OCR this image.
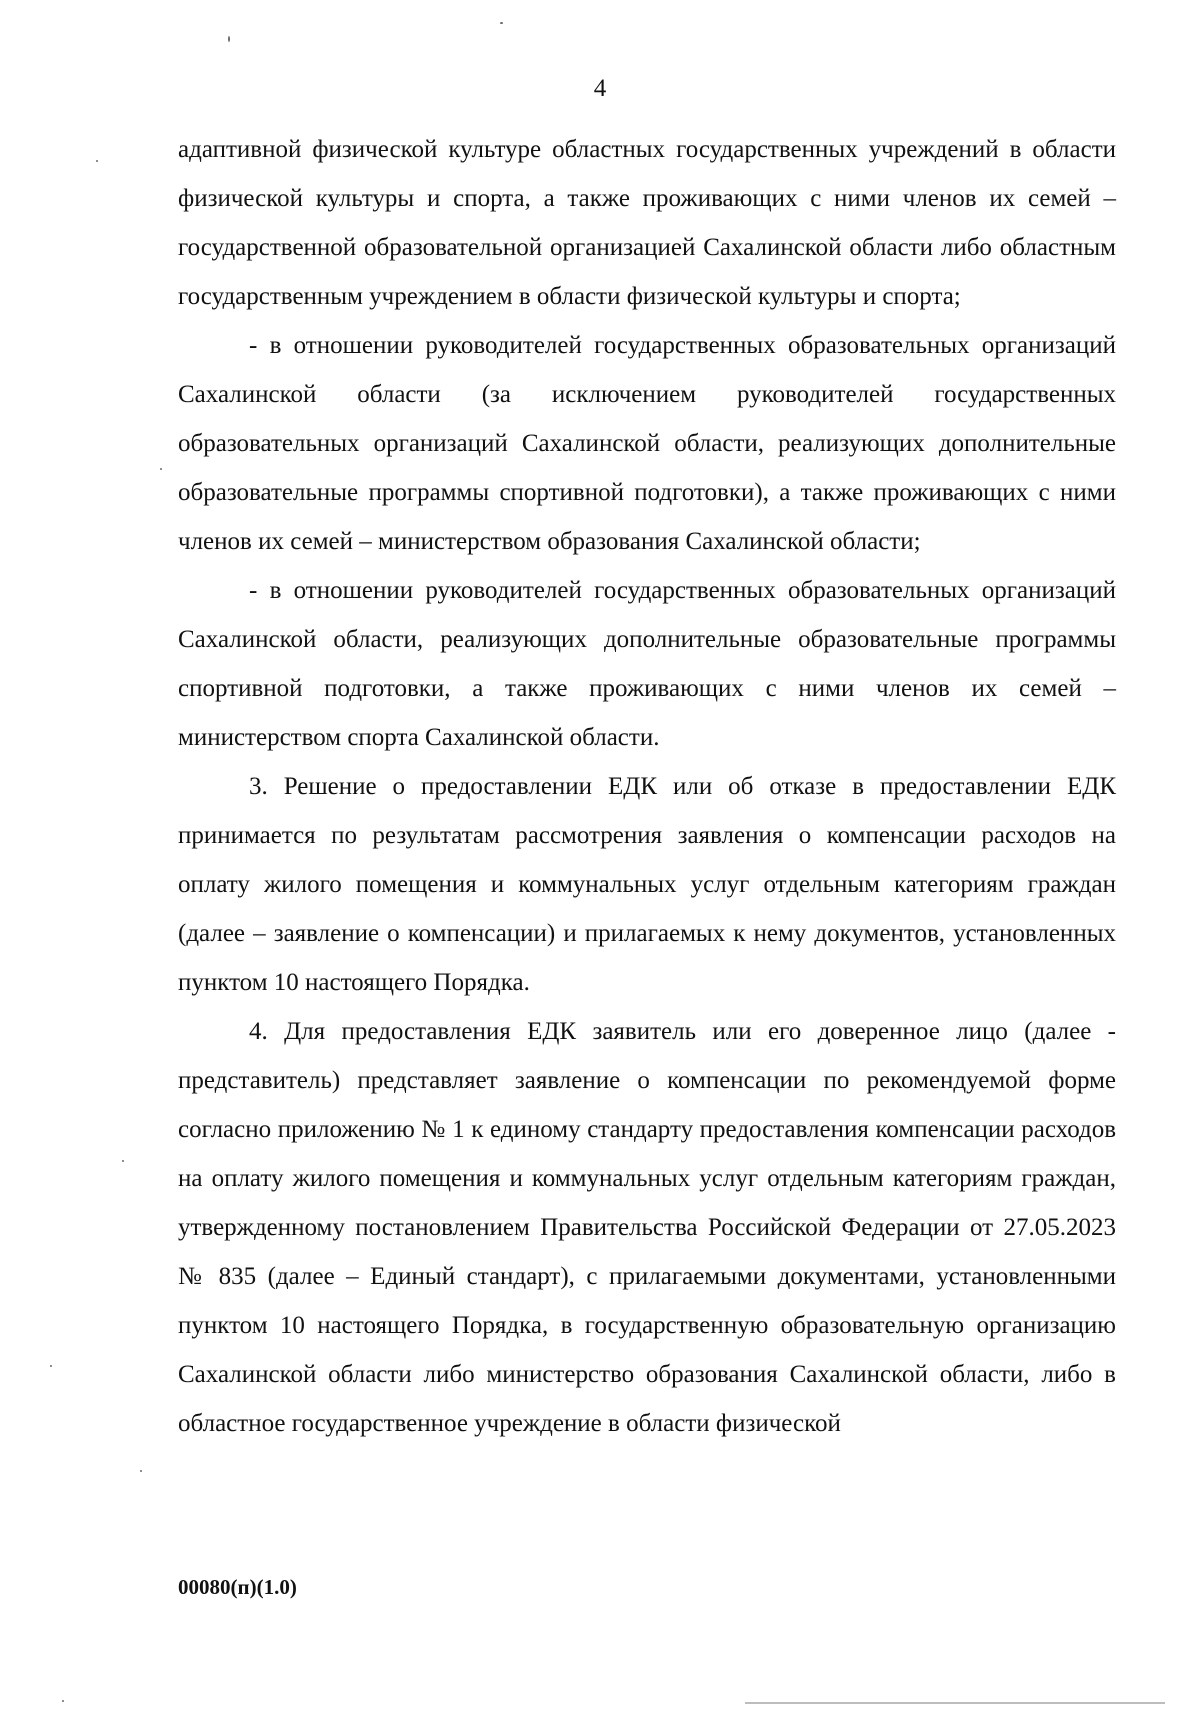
4

адаптивной физической культуре областных государственных учреждений в области физической культуры и спорта, а также проживающих с ними членов их семей – государственной образовательной организацией Сахалинской области либо областным государственным учреждением в области физической культуры и спорта;

- в отношении руководителей государственных образовательных организаций Сахалинской области (за исключением руководителей государственных образовательных организаций Сахалинской области, реализующих дополнительные образовательные программы спортивной подготовки), а также проживающих с ними членов их семей – министерством образования Сахалинской области;

- в отношении руководителей государственных образовательных организаций Сахалинской области, реализующих дополнительные образовательные программы спортивной подготовки, а также проживающих с ними членов их семей – министерством спорта Сахалинской области.

3. Решение о предоставлении ЕДК или об отказе в предоставлении ЕДК принимается по результатам рассмотрения заявления о компенсации расходов на оплату жилого помещения и коммунальных услуг отдельным категориям граждан (далее – заявление о компенсации) и прилагаемых к нему документов, установленных пунктом 10 настоящего Порядка.

4. Для предоставления ЕДК заявитель или его доверенное лицо (далее - представитель) представляет заявление о компенсации по рекомендуемой форме согласно приложению № 1 к единому стандарту предоставления компенсации расходов на оплату жилого помещения и коммунальных услуг отдельным категориям граждан, утвержденному постановлением Правительства Российской Федерации от 27.05.2023 № 835 (далее – Единый стандарт), с прилагаемыми документами, установленными пунктом 10 настоящего Порядка, в государственную образовательную организацию Сахалинской области либо министерство образования Сахалинской области, либо в областное государственное учреждение в области физической

00080(п)(1.0)
